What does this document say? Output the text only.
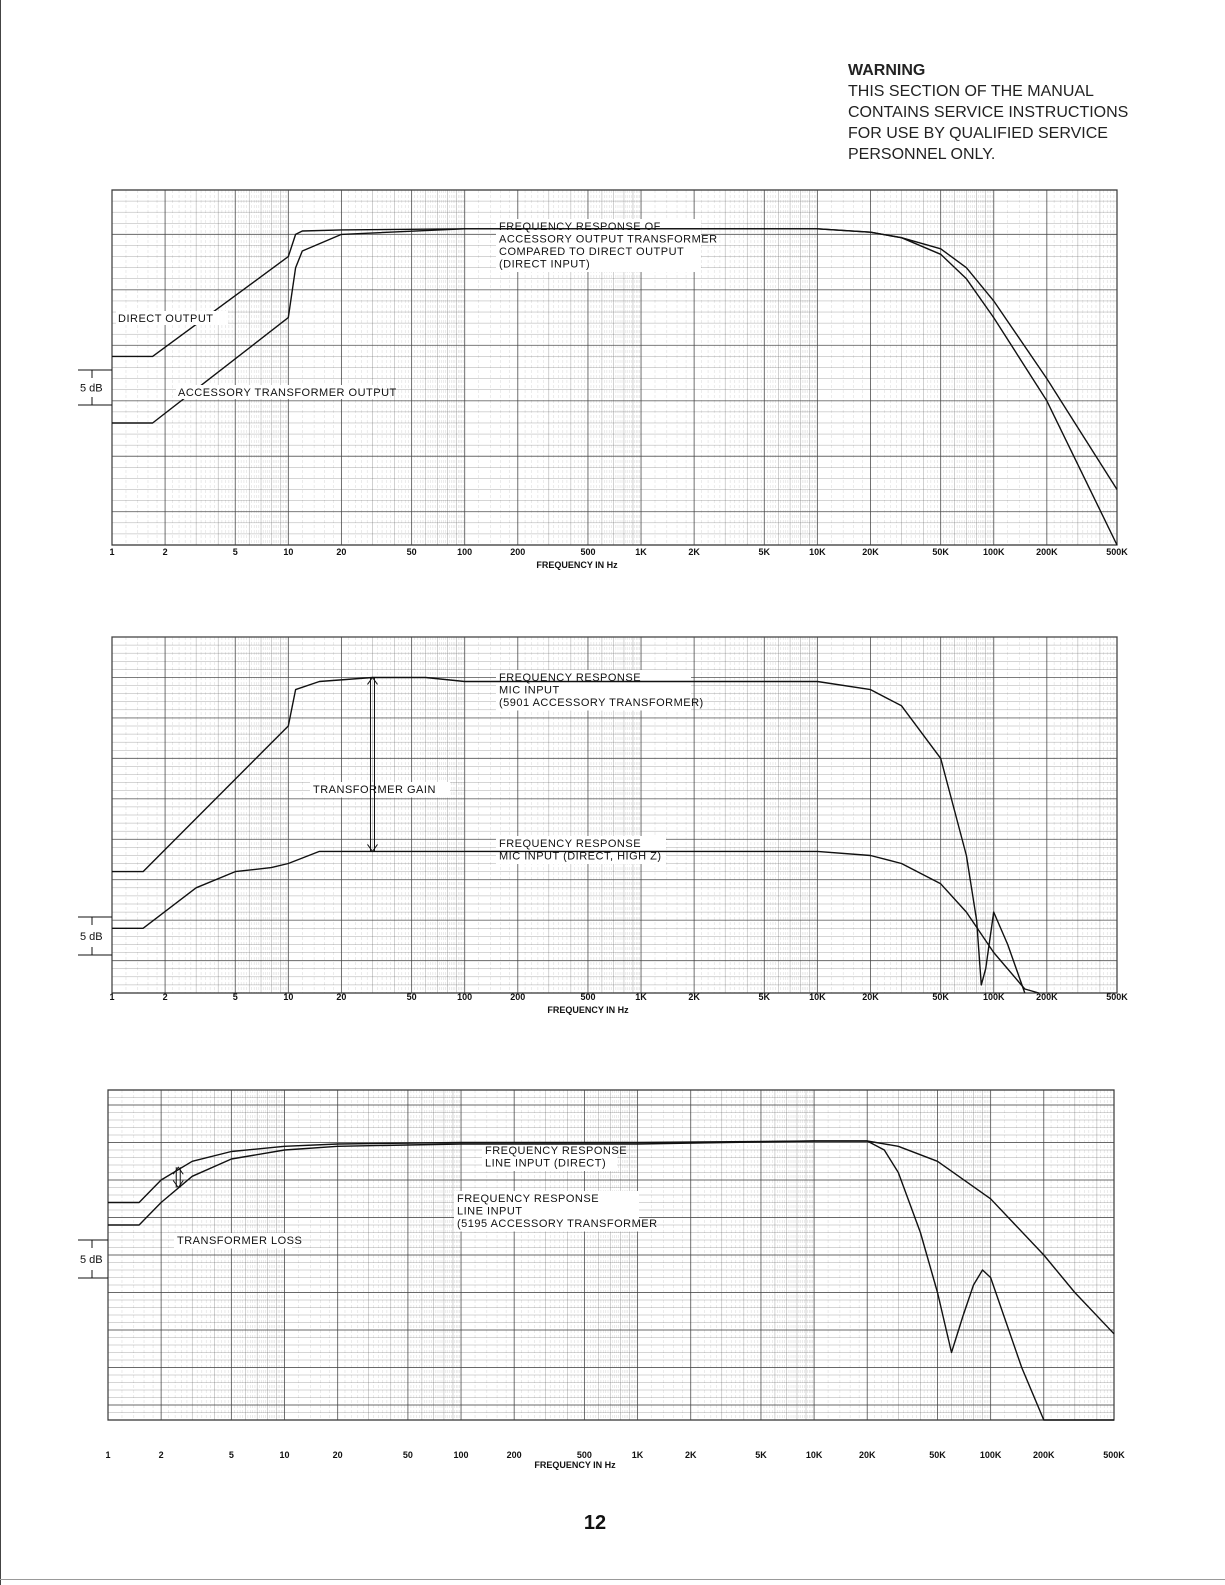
WARNING
THIS SECTION OF THE MANUAL
CONTAINS SERVICE INSTRUCTIONS
FOR USE BY QUALIFIED SERVICE
PERSONNEL ONLY.
1	2	5	10	20	50	100	200	500	1K	2K	5K	10K	20K	50K	100K	200K	500K
FREQUENCY IN Hz
5 dB
FREQUENCY RESPONSE OF
ACCESSORY OUTPUT TRANSFORMER
COMPARED TO DIRECT OUTPUT
(DIRECT INPUT)
DIRECT OUTPUT
ACCESSORY TRANSFORMER OUTPUT
1	2	5	10	20	50	100	200	500	1K	2K	5K	10K	20K	50K	100K	200K	500K
FREQUENCY IN Hz
5 dB
FREQUENCY RESPONSE
MIC INPUT
(5901 ACCESSORY TRANSFORMER)
TRANSFORMER GAIN
FREQUENCY RESPONSE
MIC INPUT (DIRECT, HIGH Z)
1	2	5	10	20	50	100	200	500	1K	2K	5K	10K	20K	50K	100K	200K	500K
FREQUENCY IN Hz
5 dB
FREQUENCY RESPONSE
LINE INPUT (DIRECT)
FREQUENCY RESPONSE
LINE INPUT
(5195 ACCESSORY TRANSFORMER
TRANSFORMER LOSS
12
